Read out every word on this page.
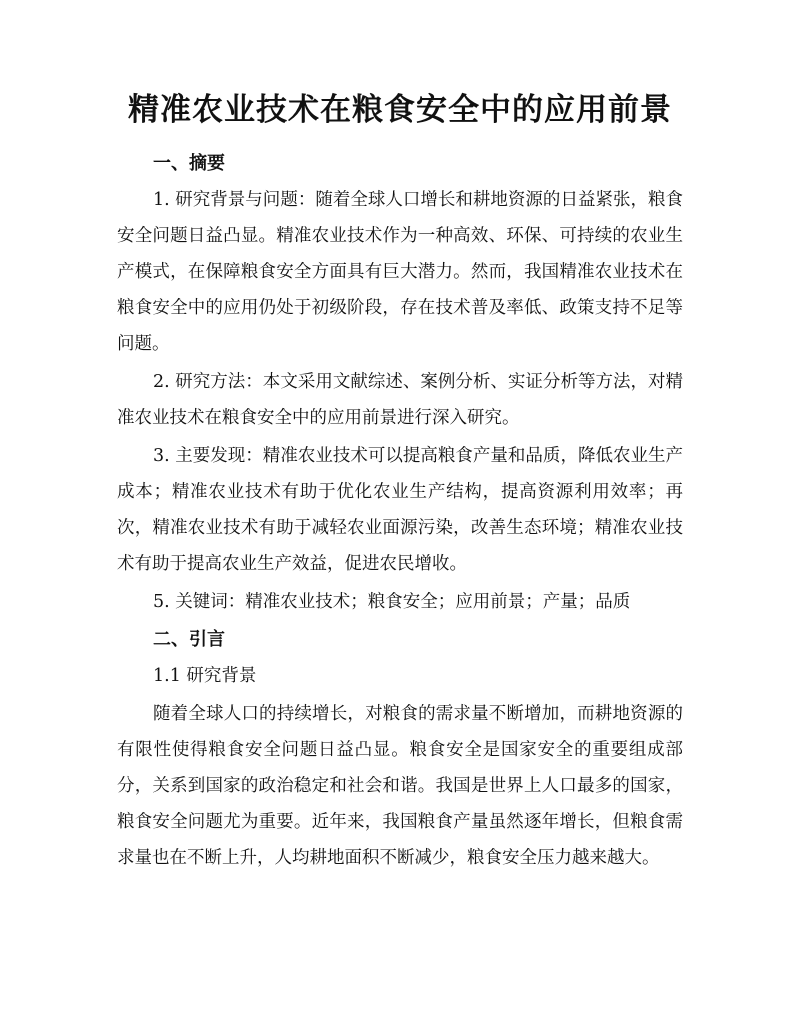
精准农业技术在粮食安全中的应用前景
一、摘要

1. 研究背景与问题：随着全球人口增长和耕地资源的日益紧张，粮食安全问题日益凸显。精准农业技术作为一种高效、环保、可持续的农业生产模式，在保障粮食安全方面具有巨大潜力。然而，我国精准农业技术在粮食安全中的应用仍处于初级阶段，存在技术普及率低、政策支持不足等问题。

2. 研究方法：本文采用文献综述、案例分析、实证分析等方法，对精准农业技术在粮食安全中的应用前景进行深入研究。

3. 主要发现：精准农业技术可以提高粮食产量和品质，降低农业生产成本；精准农业技术有助于优化农业生产结构，提高资源利用效率；再次，精准农业技术有助于减轻农业面源污染，改善生态环境；精准农业技术有助于提高农业生产效益，促进农民增收。

5. 关键词：精准农业技术；粮食安全；应用前景；产量；品质

二、引言

1.1 研究背景

随着全球人口的持续增长，对粮食的需求量不断增加，而耕地资源的有限性使得粮食安全问题日益凸显。粮食安全是国家安全的重要组成部分，关系到国家的政治稳定和社会和谐。我国是世界上人口最多的国家，粮食安全问题尤为重要。近年来，我国粮食产量虽然逐年增长，但粮食需求量也在不断上升，人均耕地面积不断减少，粮食安全压力越来越大。
